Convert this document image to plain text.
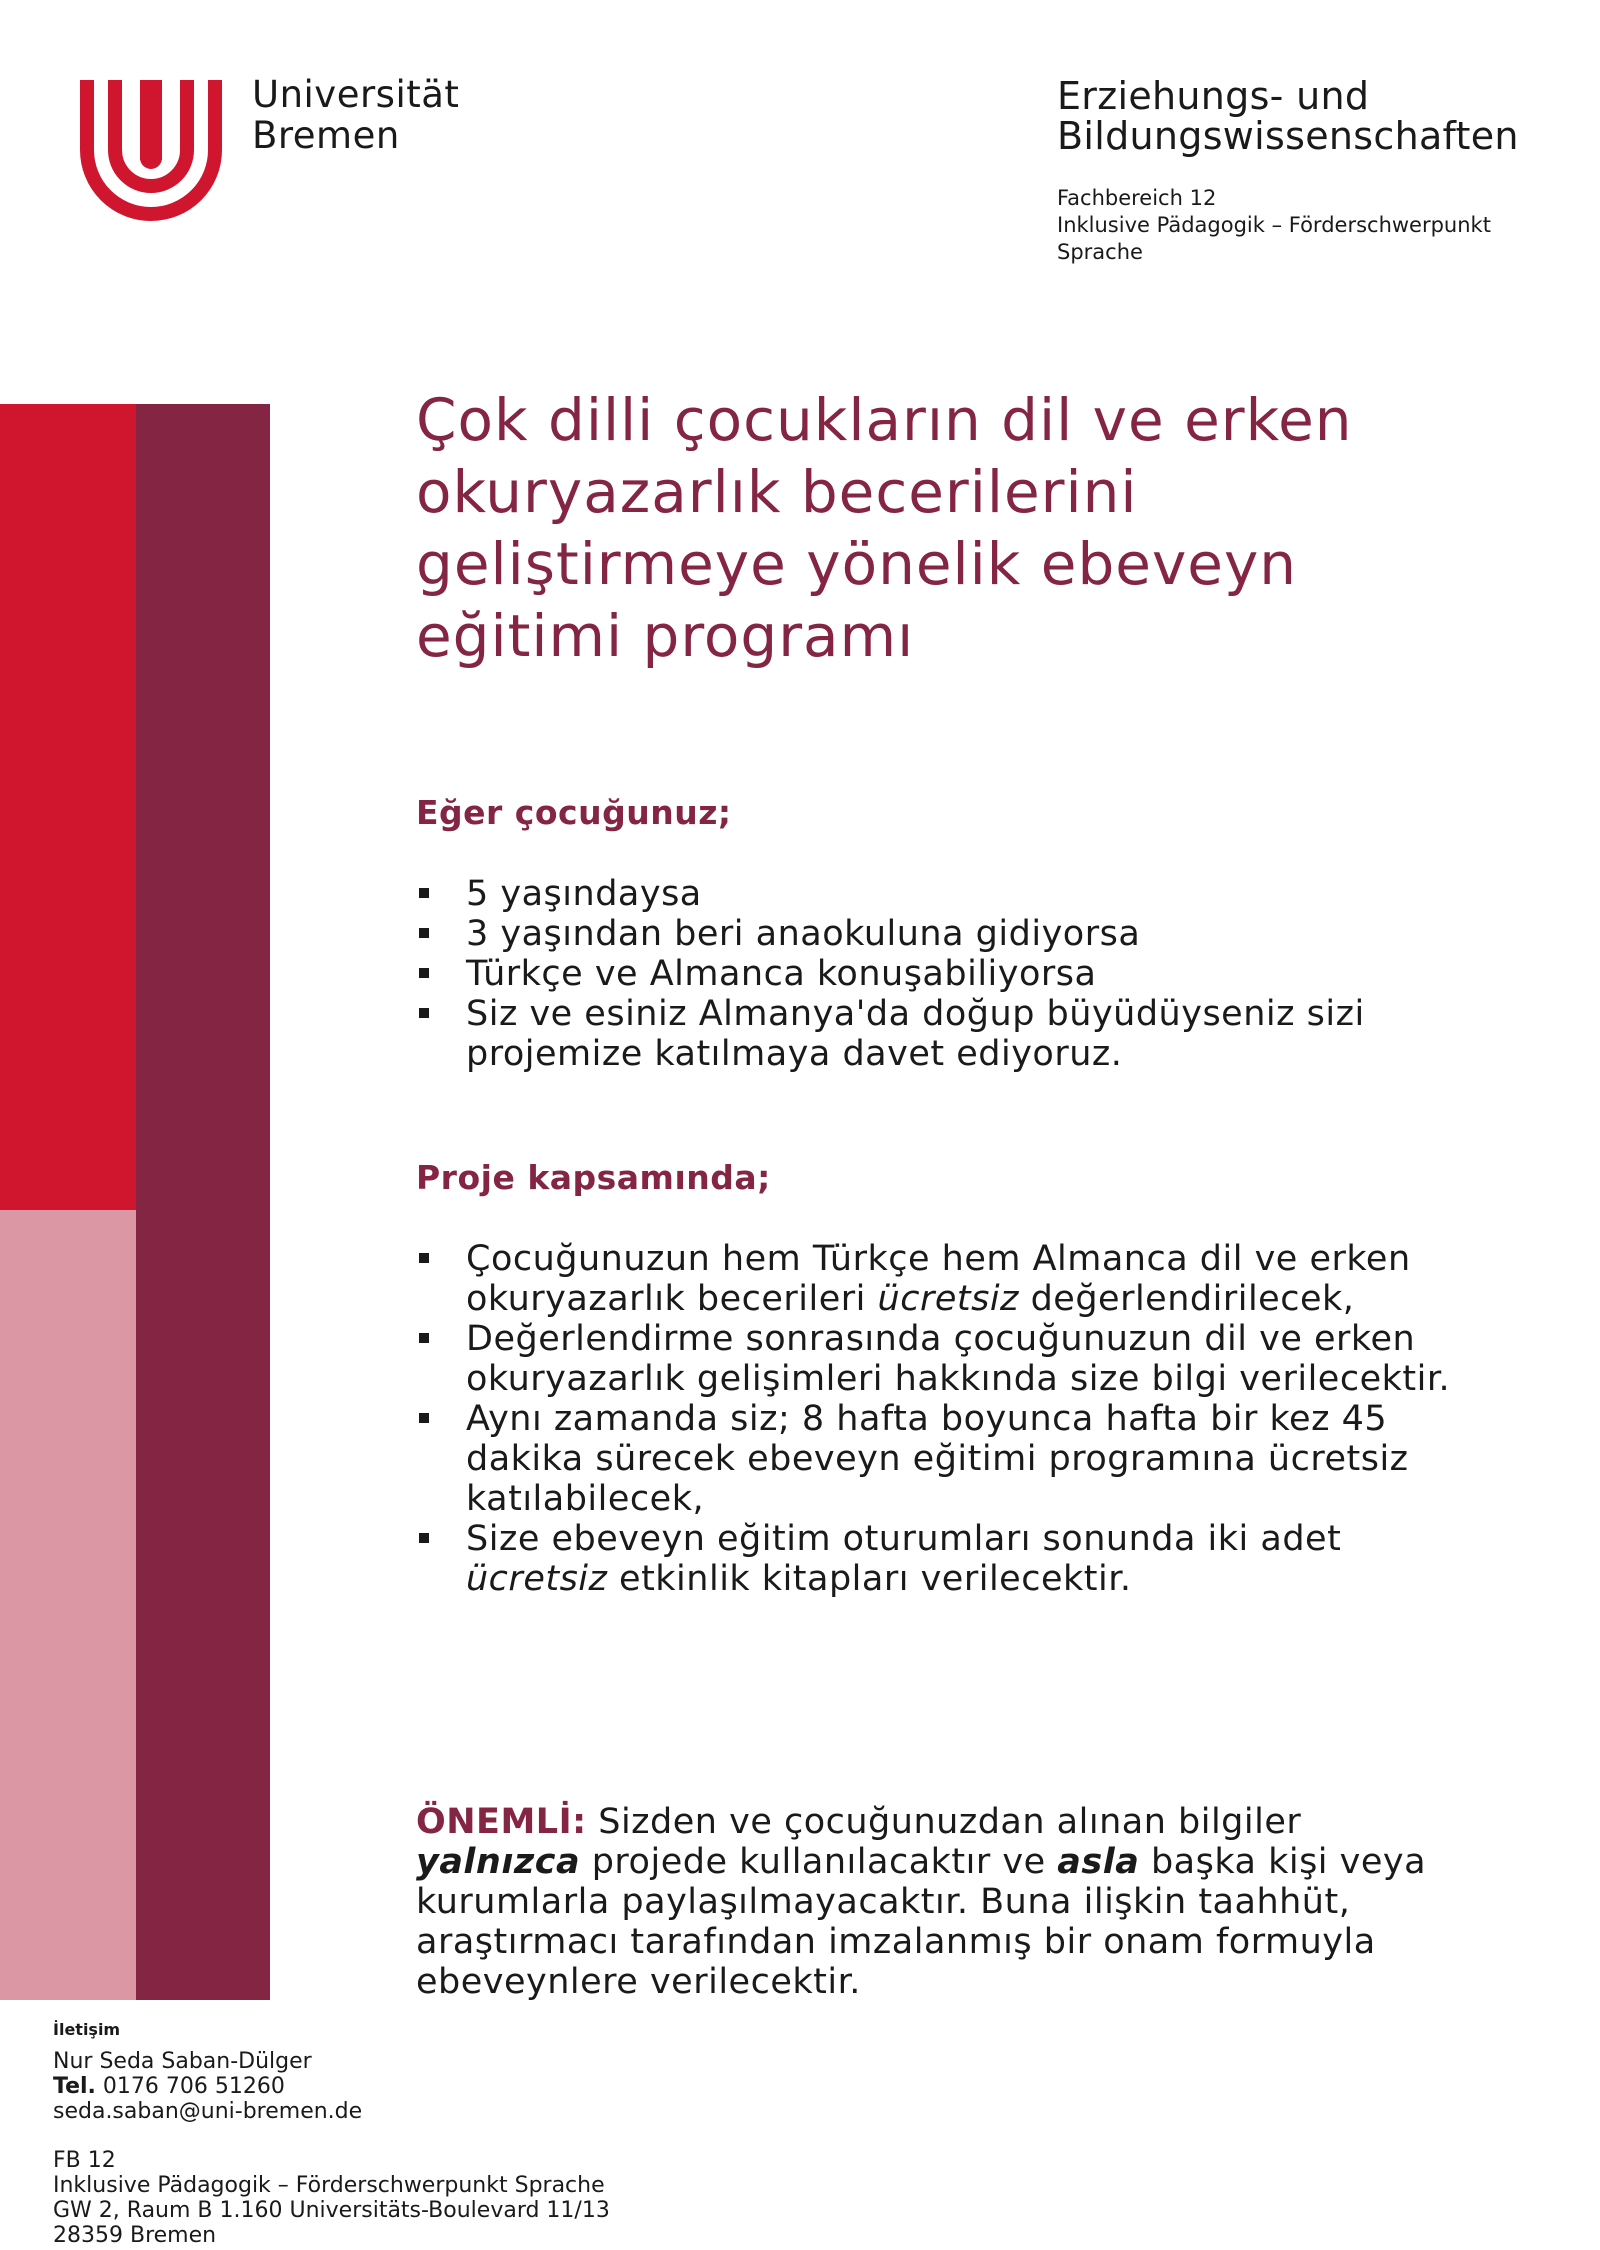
Universität
Bremen
Erziehungs- und
Bildungswissenschaften
Fachbereich 12
Inklusive Pädagogik – Förderschwerpunkt
Sprache
Çok dilli çocukların dil ve erken
okuryazarlık becerilerini
geliştirmeye yönelik ebeveyn
eğitimi programı
Eğer çocuğunuz;
5 yaşındaysa
3 yaşından beri anaokuluna gidiyorsa
Türkçe ve Almanca konuşabiliyorsa
Siz ve esiniz Almanya'da doğup büyüdüyseniz sizi projemize katılmaya davet ediyoruz.
Proje kapsamında;
Çocuğunuzun hem Türkçe hem Almanca dil ve erken okuryazarlık becerileri ücretsiz değerlendirilecek,
Değerlendirme sonrasında çocuğunuzun dil ve erken okuryazarlık gelişimleri hakkında size bilgi verilecektir.
Aynı zamanda siz; 8 hafta boyunca hafta bir kez 45 dakika sürecek ebeveyn eğitimi programına ücretsiz katılabilecek,
Size ebeveyn eğitim oturumları sonunda iki adet ücretsiz etkinlik kitapları verilecektir.
ÖNEMLİ: Sizden ve çocuğunuzdan alınan bilgiler yalnızca projede kullanılacaktır ve asla başka kişi veya kurumlarla paylaşılmayacaktır. Buna ilişkin taahhüt, araştırmacı tarafından imzalanmış bir onam formuyla ebeveynlere verilecektir.
İletişim
Nur Seda Saban-Dülger
Tel. 0176 706 51260
seda.saban@uni-bremen.de
FB 12
Inklusive Pädagogik – Förderschwerpunkt Sprache
GW 2, Raum B 1.160 Universitäts-Boulevard 11/13
28359 Bremen
